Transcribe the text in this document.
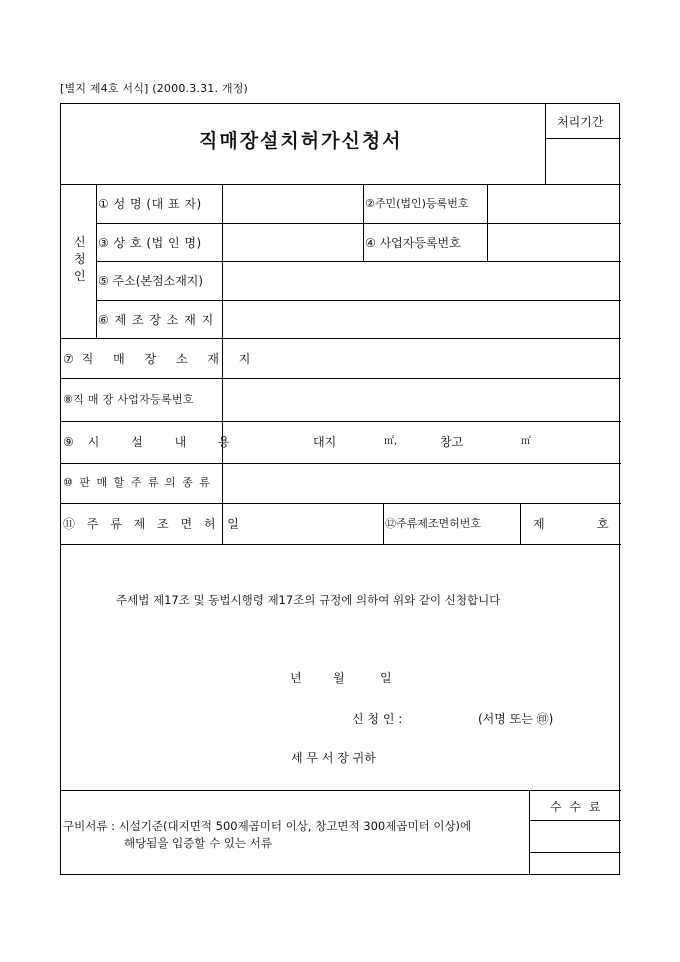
[별지 제4호 서식] (2000.3.31. 개정)
직매장설치허가신청서
처리기간
신
청
인
① 성 명 (대 표 자)	②주민(법인)등록번호
③ 상 호 (법 인 명)	④ 사업자등록번호
⑤ 주소(본점소재지)
⑥ 제 조 장 소 재 지
⑦직 매 장 소 재 지
⑧직 매 장 사업자등록번호
⑨시 설 내 용	대지	㎡,	창고	㎡
⑩ 판 매 할 주 류 의 종 류
⑪ 주 류 제 조 면 허 일	⑫주류제조면허번호	제	호
주세법 제17조 및 동법시행령 제17조의 규정에 의하여 위와 같이 신청합니다
년	월	일
신 청 인 :	(서명 또는 ㊞)
세 무 서 장 귀하
구비서류 : 시설기준(대지면적 500제곱미터 이상, 창고면적 300제곱미터 이상)에
해당됨을 입증할 수 있는 서류
수 수 료
